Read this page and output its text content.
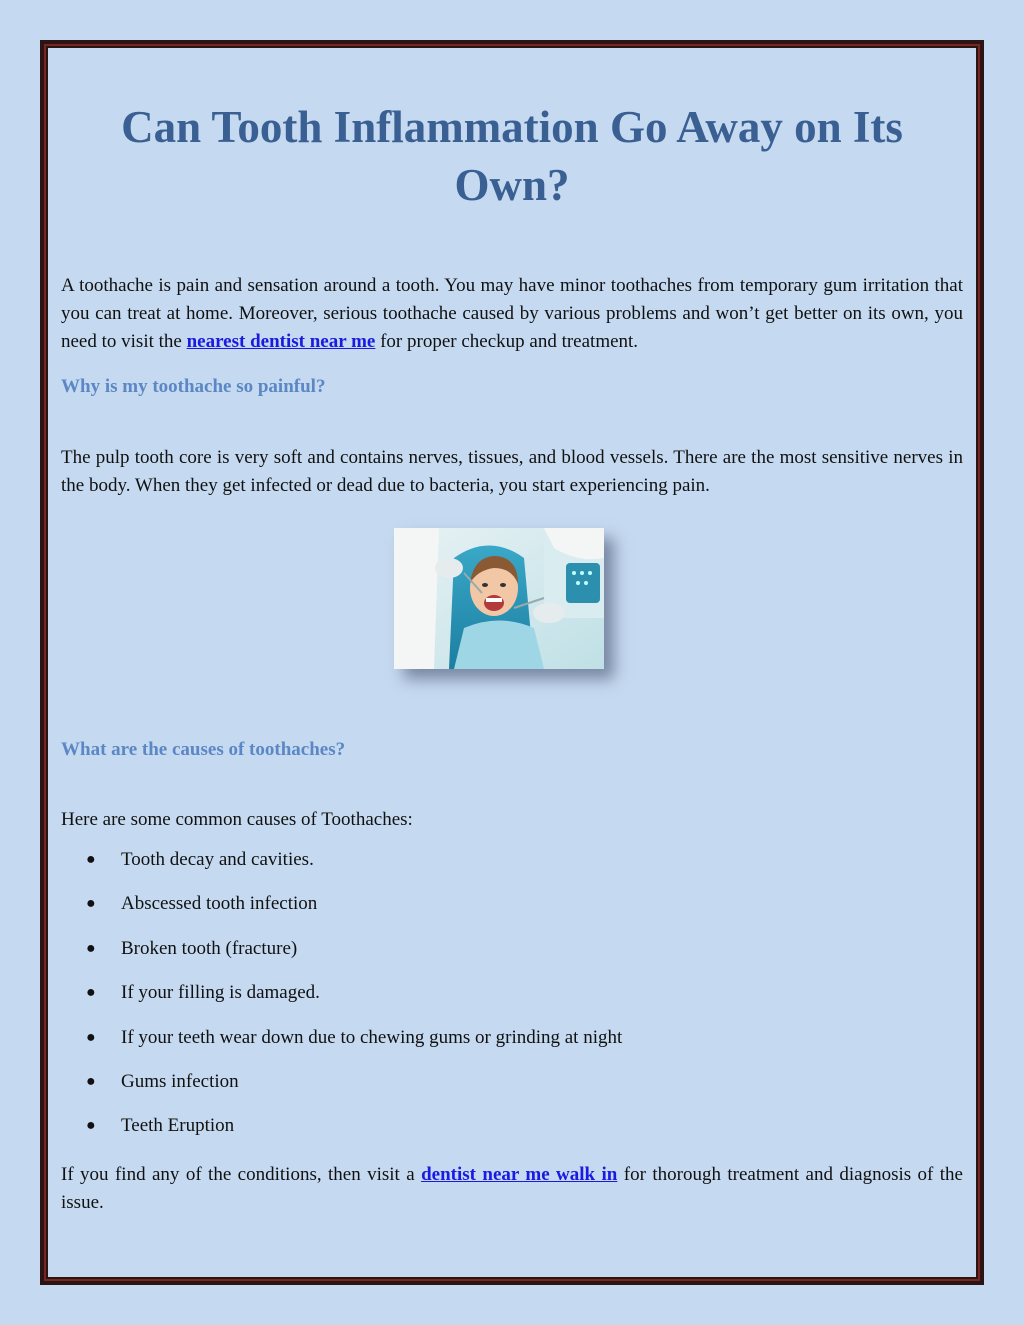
Can Tooth Inflammation Go Away on Its Own?

A toothache is pain and sensation around a tooth. You may have minor toothaches from temporary gum irritation that you can treat at home. Moreover, serious toothache caused by various problems and won’t get better on its own, you need to visit the nearest dentist near me for proper checkup and treatment.

Why is my toothache so painful?

The pulp tooth core is very soft and contains nerves, tissues, and blood vessels. There are the most sensitive nerves in the body. When they get infected or dead due to bacteria, you start experiencing pain.

What are the causes of toothaches?

Here are some common causes of Toothaches:

● Tooth decay and cavities.
● Abscessed tooth infection
● Broken tooth (fracture)
● If your filling is damaged.
● If your teeth wear down due to chewing gums or grinding at night
● Gums infection
● Teeth Eruption

If you find any of the conditions, then visit a dentist near me walk in for thorough treatment and diagnosis of the issue.
